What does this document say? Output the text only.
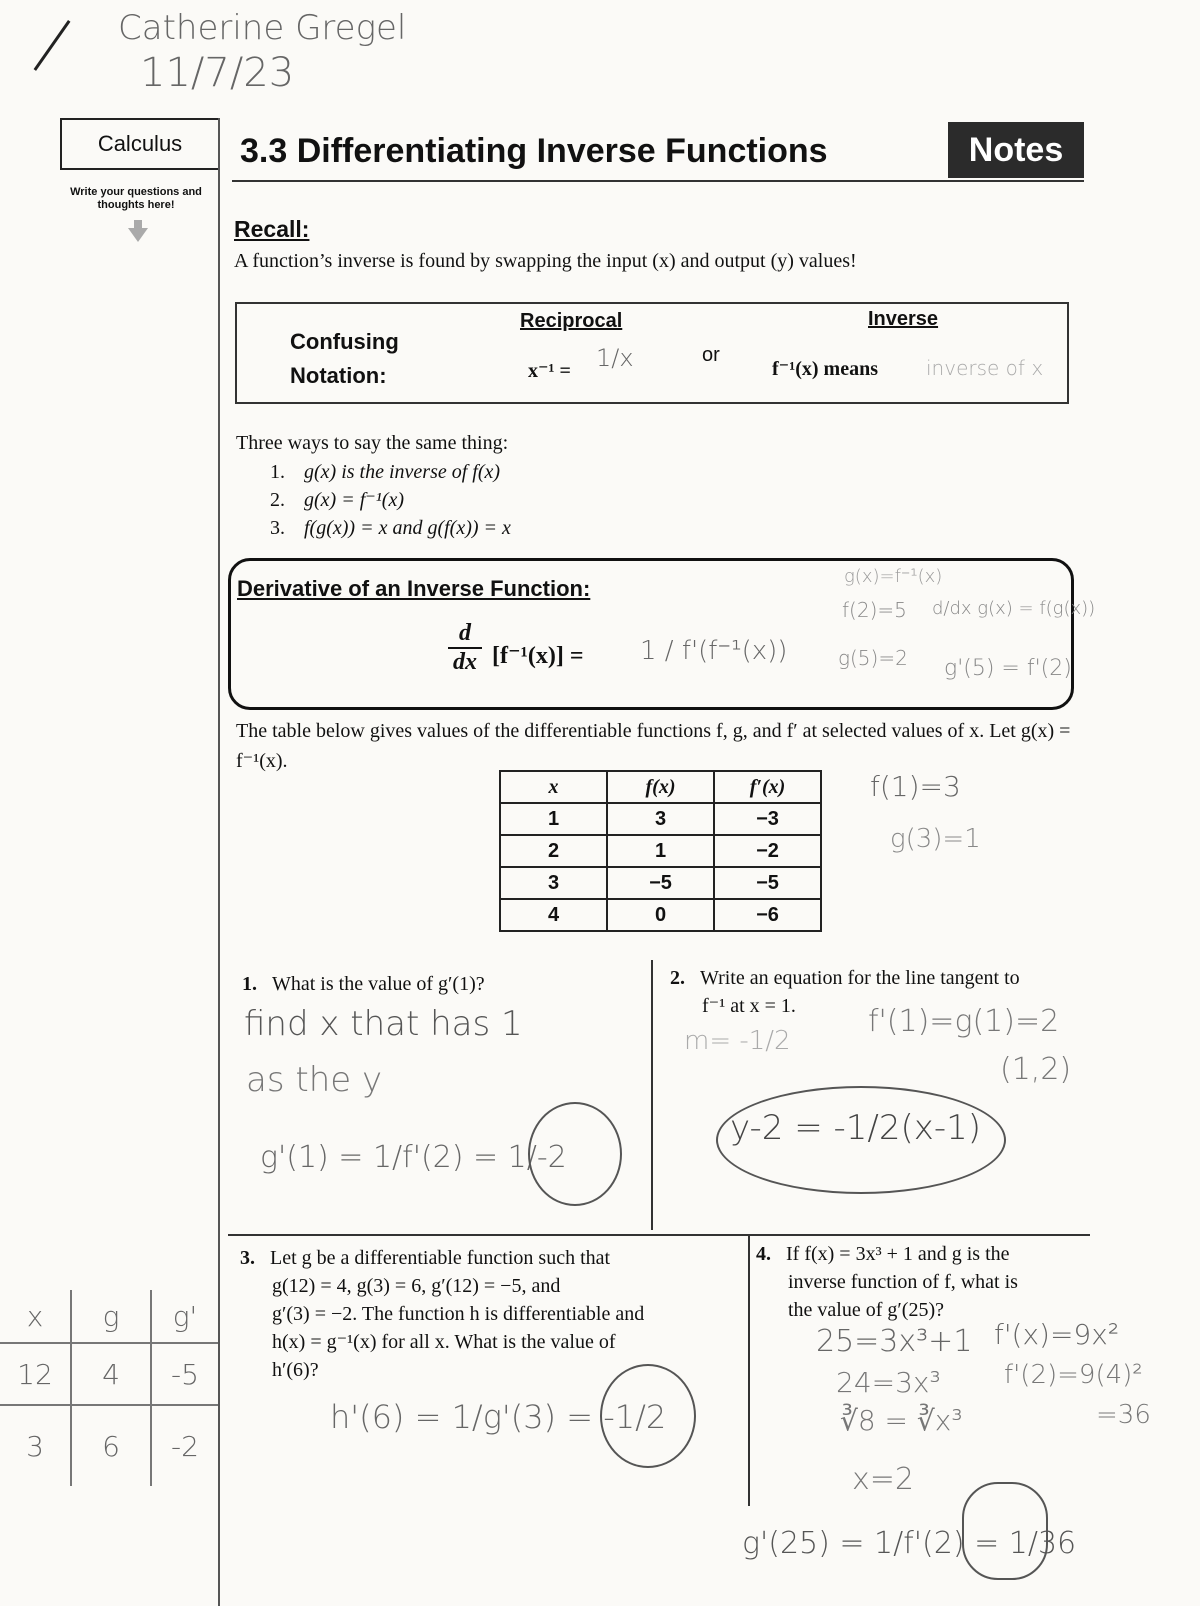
Catherine Gregel
11/7/23
Calculus	3.3 Differentiating Inverse Functions	Notes
Write your questions and thoughts here!
Recall:
A function’s inverse is found by swapping the input (x) and output (y) values!
Confusing
Notation:
Reciprocal
x⁻¹ = 1/x	or
Inverse
f⁻¹(x) means inverse of x
Three ways to say the same thing:
1. g(x) is the inverse of f(x)
2. g(x) = f⁻¹(x)
3. f(g(x)) = x and g(f(x)) = x
Derivative of an Inverse Function:
$\frac{d}{dx} [f^{-1}(x)] = 1 / f'(f^{-1}(x))$
g(x)=f⁻¹(x)
f(2)=5 d/dx g(x) = f(g(x))
g(5)=2 g'(5) = f'(2)
The table below gives values of the differentiable functions f, g, and f′ at selected values of x. Let g(x) = f⁻¹(x).
x	f(x)	f′(x)
1	3	−3
2	1	−2
3	−5	−5
4	0	−6
f(1)=3
g(3)=1
1. What is the value of g′(1)?
find x that has 1
as the y
g'(1) = 1/f'(2) = 1/-2
2. Write an equation for the line tangent to
f⁻¹ at x = 1.
m= -1/2
f'(1)=g(1)=2
(1,2)
y-2 = -1/2(x-1)
3. Let g be a differentiable function such that
g(12) = 4, g(3) = 6, g′(12) = −5, and
g′(3) = −2. The function h is differentiable and
h(x) = g⁻¹(x) for all x. What is the value of
h′(6)?
h'(6) = 1/g'(3) = -1/2
4. If f(x) = 3x³ + 1 and g is the
inverse function of f, what is
the value of g′(25)?
25=3x³+1
24=3x³
∛8 = ∛x³
x=2
f'(x)=9x²
f'(2)=9(4)²
=36
g'(25) = 1/f'(2) = 1/36
x	g	g'
12	4	-5
3	6	-2
